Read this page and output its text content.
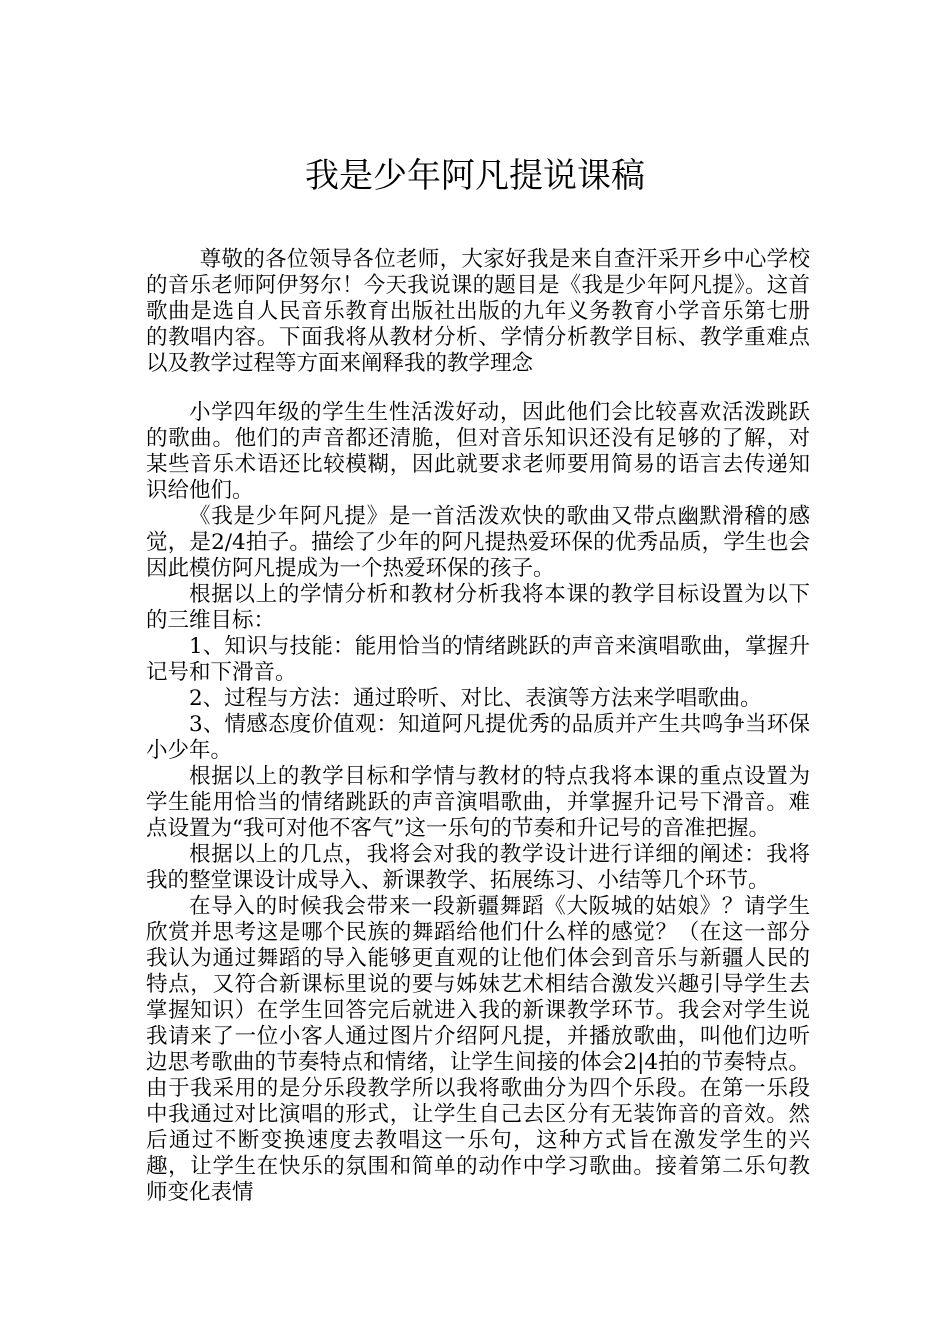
我是少年阿凡提说课稿

尊敬的各位领导各位老师，大家好我是来自查汗采开乡中心学校的音乐老师阿伊努尔！今天我说课的题目是《我是少年阿凡提》。这首歌曲是选自人民音乐教育出版社出版的九年义务教育小学音乐第七册的教唱内容。下面我将从教材分析、学情分析教学目标、教学重难点以及教学过程等方面来阐释我的教学理念

小学四年级的学生生性活泼好动，因此他们会比较喜欢活泼跳跃的歌曲。他们的声音都还清脆，但对音乐知识还没有足够的了解，对某些音乐术语还比较模糊，因此就要求老师要用简易的语言去传递知识给他们。

《我是少年阿凡提》是一首活泼欢快的歌曲又带点幽默滑稽的感觉，是2/4拍子。描绘了少年的阿凡提热爱环保的优秀品质，学生也会因此模仿阿凡提成为一个热爱环保的孩子。

根据以上的学情分析和教材分析我将本课的教学目标设置为以下的三维目标：

1、知识与技能：能用恰当的情绪跳跃的声音来演唱歌曲，掌握升记号和下滑音。

2、过程与方法：通过聆听、对比、表演等方法来学唱歌曲。

3、情感态度价值观：知道阿凡提优秀的品质并产生共鸣争当环保小少年。

根据以上的教学目标和学情与教材的特点我将本课的重点设置为学生能用恰当的情绪跳跃的声音演唱歌曲，并掌握升记号下滑音。难点设置为“我可对他不客气”这一乐句的节奏和升记号的音准把握。

根据以上的几点，我将会对我的教学设计进行详细的阐述：我将我的整堂课设计成导入、新课教学、拓展练习、小结等几个环节。

在导入的时候我会带来一段新疆舞蹈《大阪城的姑娘》？请学生欣赏并思考这是哪个民族的舞蹈给他们什么样的感觉？（在这一部分我认为通过舞蹈的导入能够更直观的让他们体会到音乐与新疆人民的特点，又符合新课标里说的要与姊妹艺术相结合激发兴趣引导学生去掌握知识）在学生回答完后就进入我的新课教学环节。我会对学生说我请来了一位小客人通过图片介绍阿凡提，并播放歌曲，叫他们边听边思考歌曲的节奏特点和情绪，让学生间接的体会2|4拍的节奏特点。由于我采用的是分乐段教学所以我将歌曲分为四个乐段。在第一乐段中我通过对比演唱的形式，让学生自己去区分有无装饰音的音效。然后通过不断变换速度去教唱这一乐句，这种方式旨在激发学生的兴趣，让学生在快乐的氛围和简单的动作中学习歌曲。接着第二乐句教师变化表情
